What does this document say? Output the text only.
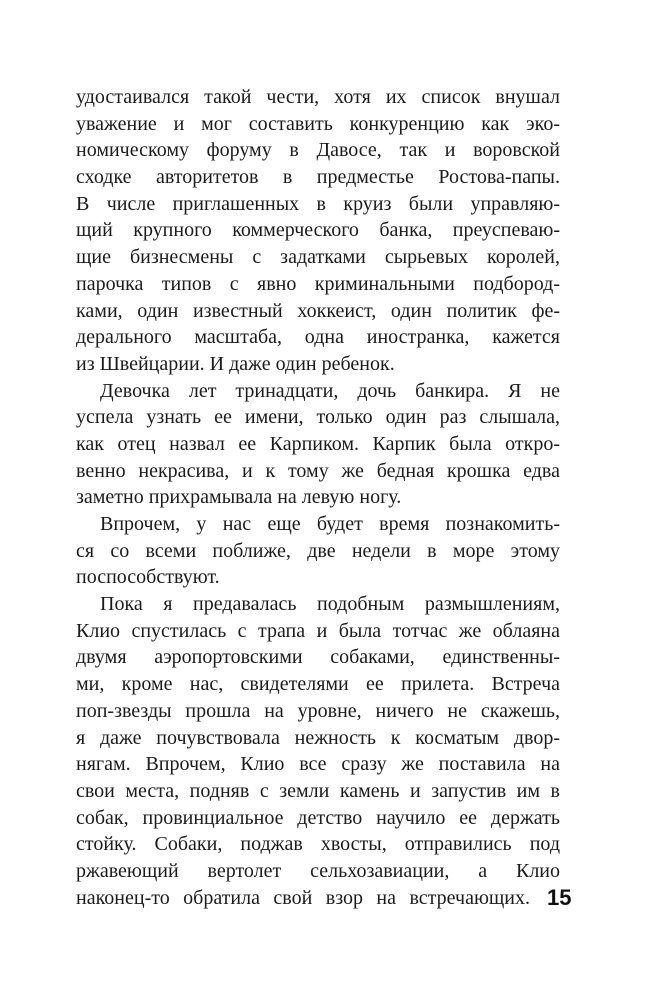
удостаивался такой чести, хотя их список внушал
уважение и мог составить конкуренцию как эко-
номическому форуму в Давосе, так и воровской
сходке авторитетов в предместье Ростова-папы.
В числе приглашенных в круиз были управляю-
щий крупного коммерческого банка, преуспеваю-
щие бизнесмены с задатками сырьевых королей,
парочка типов с явно криминальными подбород-
ками, один известный хоккеист, один политик фе-
дерального масштаба, одна иностранка, кажется
из Швейцарии. И даже один ребенок.
Девочка лет тринадцати, дочь банкира. Я не
успела узнать ее имени, только один раз слышала,
как отец назвал ее Карпиком. Карпик была откро-
венно некрасива, и к тому же бедная крошка едва
заметно прихрамывала на левую ногу.
Впрочем, у нас еще будет время познакомить-
ся со всеми поближе, две недели в море этому
поспособствуют.
Пока я предавалась подобным размышлениям,
Клио спустилась с трапа и была тотчас же облаяна
двумя аэропортовскими собаками, единственны-
ми, кроме нас, свидетелями ее прилета. Встреча
поп-звезды прошла на уровне, ничего не скажешь,
я даже почувствовала нежность к косматым двор-
нягам. Впрочем, Клио все сразу же поставила на
свои места, подняв с земли камень и запустив им в
собак, провинциальное детство научило ее держать
стойку. Собаки, поджав хвосты, отправились под
ржавеющий вертолет сельхозавиации, а Клио
наконец-то обратила свой взор на встречающих. 15
